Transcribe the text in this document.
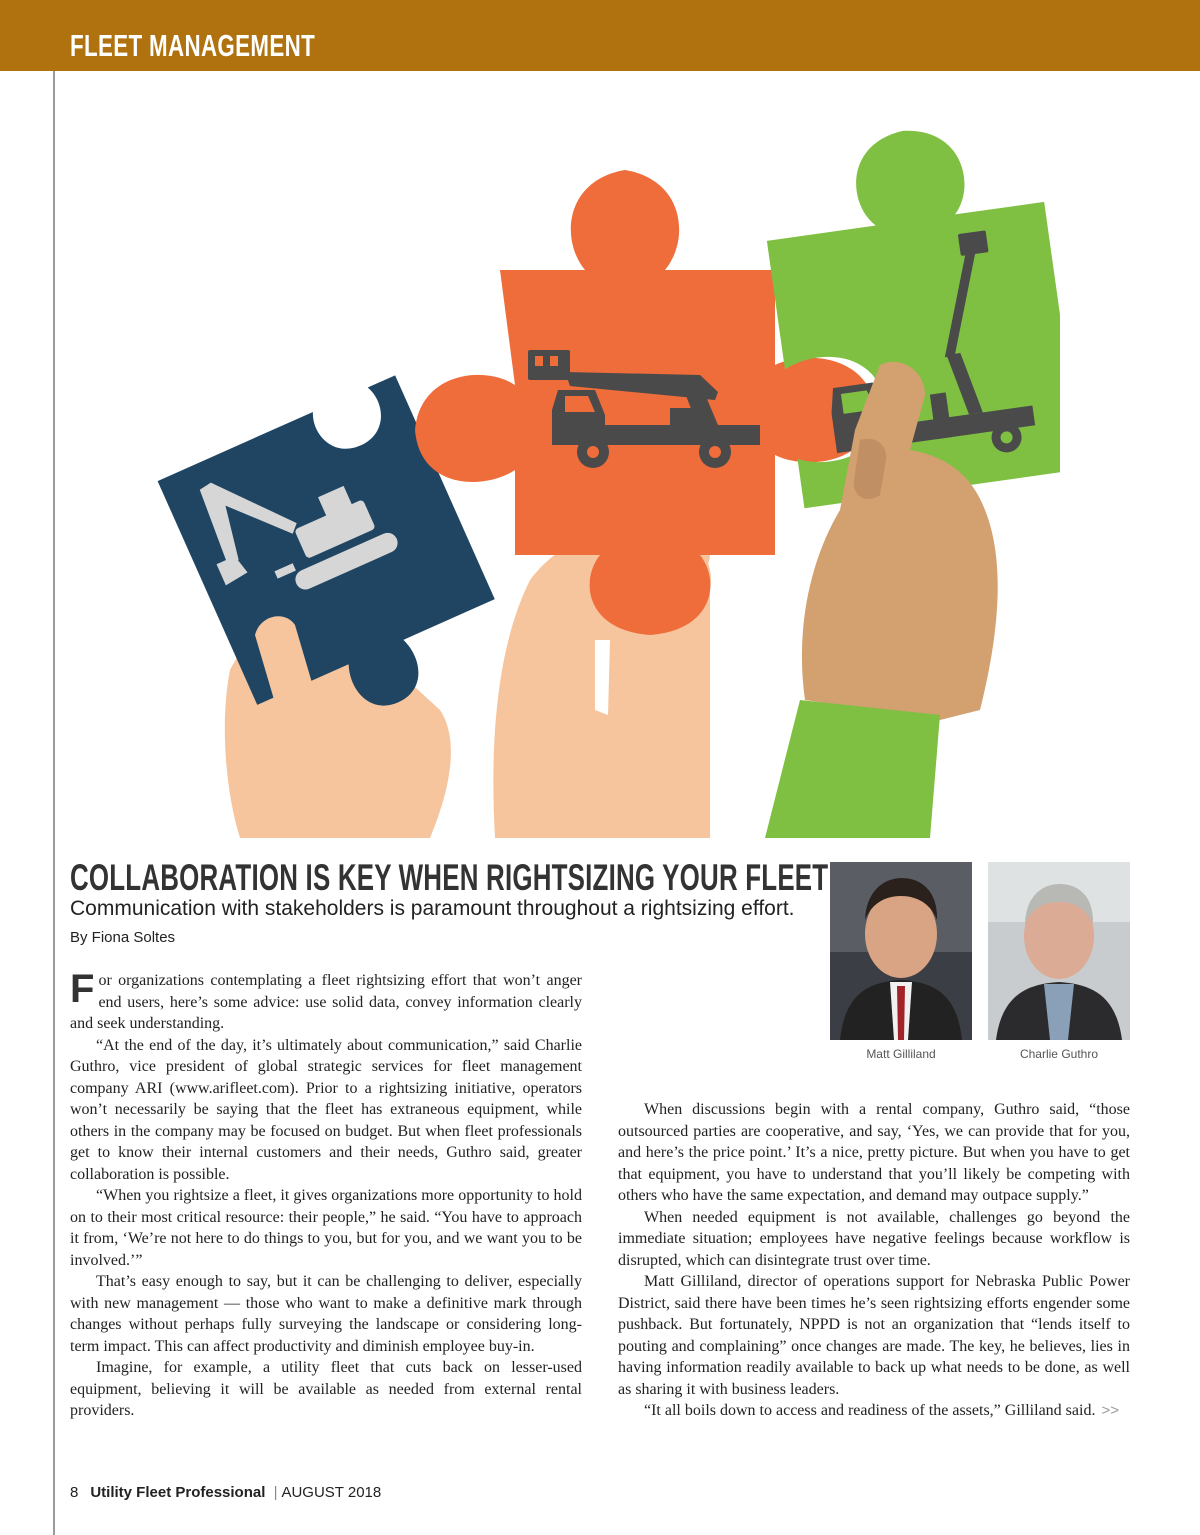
FLEET MANAGEMENT
COLLABORATION IS KEY WHEN RIGHTSIZING YOUR FLEET
Communication with stakeholders is paramount throughout a rightsizing effort.
By Fiona Soltes
Matt Gilliland	Charlie Guthro

For organizations contemplating a fleet rightsizing effort that won’t anger end users, here’s some advice: use solid data, convey information clearly and seek understanding.

“At the end of the day, it’s ultimately about communication,” said Charlie Guthro, vice president of global strategic services for fleet management company ARI (www.arifleet.com). Prior to a rightsizing initiative, operators won’t necessarily be saying that the fleet has extraneous equipment, while others in the company may be focused on budget. But when fleet professionals get to know their internal customers and their needs, Guthro said, greater collaboration is possible.

“When you rightsize a fleet, it gives organizations more opportunity to hold on to their most critical resource: their people,” he said. “You have to approach it from, ‘We’re not here to do things to you, but for you, and we want you to be involved.’”

That’s easy enough to say, but it can be challenging to deliver, especially with new management — those who want to make a definitive mark through changes without perhaps fully surveying the landscape or considering long-term impact. This can affect productivity and diminish employee buy-in.

Imagine, for example, a utility fleet that cuts back on lesser-used equipment, believing it will be available as needed from external rental providers.

When discussions begin with a rental company, Guthro said, “those outsourced parties are cooperative, and say, ‘Yes, we can provide that for you, and here’s the price point.’ It’s a nice, pretty picture. But when you have to get that equipment, you have to understand that you’ll likely be competing with others who have the same expectation, and demand may outpace supply.”

When needed equipment is not available, challenges go beyond the immediate situation; employees have negative feelings because workflow is disrupted, which can disintegrate trust over time.

Matt Gilliland, director of operations support for Nebraska Public Power District, said there have been times he’s seen rightsizing efforts engender some pushback. But fortunately, NPPD is not an organization that “lends itself to pouting and complaining” once changes are made. The key, he believes, lies in having information readily available to back up what needs to be done, as well as sharing it with business leaders.

“It all boils down to access and readiness of the assets,” Gilliland said. >>

8 Utility Fleet Professional | AUGUST 2018
